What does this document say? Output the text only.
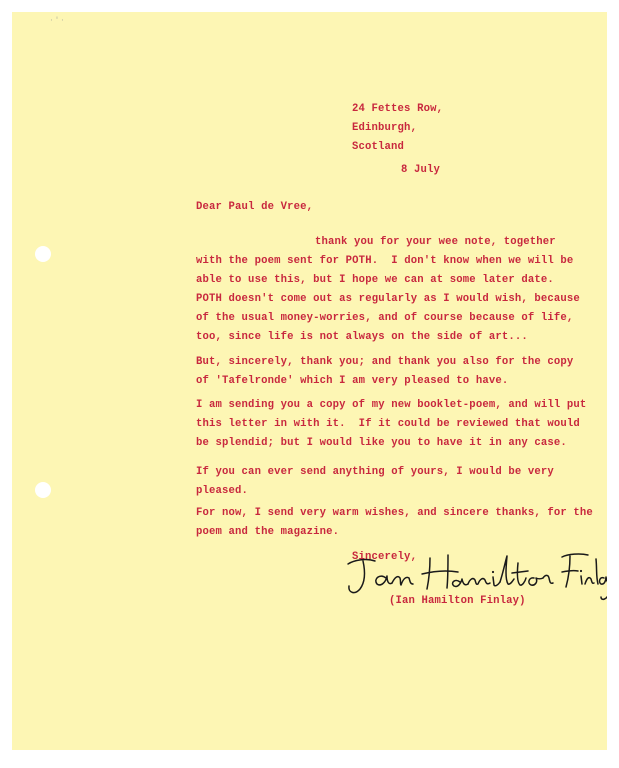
· ' ·

24 Fettes Row,

Edinburgh,

Scotland

8 July

Dear Paul de Vree,

thank you for your wee note, together

with the poem sent for POTH.  I don't know when we will be

able to use this, but I hope we can at some later date.

POTH doesn't come out as regularly as I would wish, because

of the usual money-worries, and of course because of life,

too, since life is not always on the side of art...

But, sincerely, thank you; and thank you also for the copy

of 'Tafelronde' which I am very pleased to have.

I am sending you a copy of my new booklet-poem, and will put

this letter in with it.  If it could be reviewed that would

be splendid; but I would like you to have it in any case.

If you can ever send anything of yours, I would be very

pleased.

For now, I send very warm wishes, and sincere thanks, for the

poem and the magazine.

Sincerely,

(Ian Hamilton Finlay)
